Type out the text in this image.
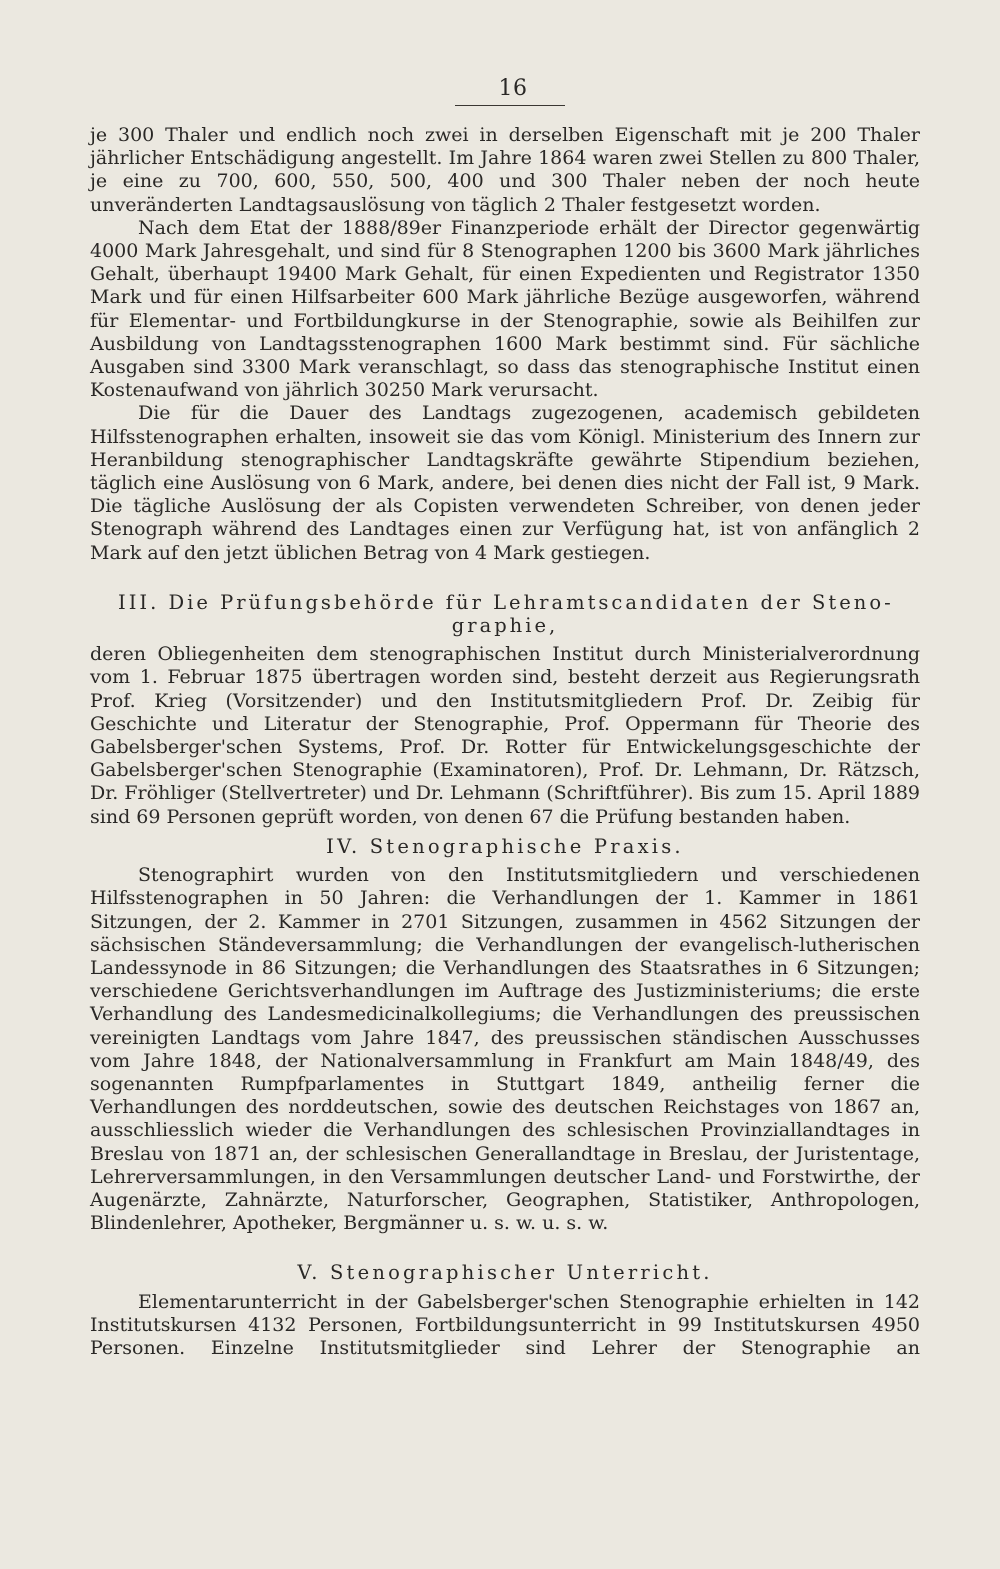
16

je 300 Thaler und endlich noch zwei in derselben Eigenschaft mit je 200 Thaler jährlicher Entschädigung angestellt. Im Jahre 1864 waren zwei Stellen zu 800 Thaler, je eine zu 700, 600, 550, 500, 400 und 300 Thaler neben der noch heute unveränderten Landtagsauslösung von täglich 2 Thaler festgesetzt worden.

Nach dem Etat der 1888/89er Finanzperiode erhält der Director gegenwärtig 4000 Mark Jahresgehalt, und sind für 8 Stenographen 1200 bis 3600 Mark jährliches Gehalt, überhaupt 19400 Mark Gehalt, für einen Expedienten und Registrator 1350 Mark und für einen Hilfsarbeiter 600 Mark jährliche Bezüge ausgeworfen, während für Elementar- und Fortbildungkurse in der Stenographie, sowie als Beihilfen zur Ausbildung von Landtagsstenographen 1600 Mark bestimmt sind. Für sächliche Ausgaben sind 3300 Mark veranschlagt, so dass das stenographische Institut einen Kostenaufwand von jährlich 30250 Mark verursacht.

Die für die Dauer des Landtags zugezogenen, academisch gebildeten Hilfsstenographen erhalten, insoweit sie das vom Königl. Ministerium des Innern zur Heranbildung stenographischer Landtagskräfte gewährte Stipendium beziehen, täglich eine Auslösung von 6 Mark, andere, bei denen dies nicht der Fall ist, 9 Mark. Die tägliche Auslösung der als Copisten verwendeten Schreiber, von denen jeder Stenograph während des Landtages einen zur Verfügung hat, ist von anfänglich 2 Mark auf den jetzt üblichen Betrag von 4 Mark gestiegen.

III. Die Prüfungsbehörde für Lehramtscandidaten der Steno-
graphie,

deren Obliegenheiten dem stenographischen Institut durch Ministerialverordnung vom 1. Februar 1875 übertragen worden sind, besteht derzeit aus Regierungsrath Prof. Krieg (Vorsitzender) und den Institutsmitgliedern Prof. Dr. Zeibig für Geschichte und Literatur der Stenographie, Prof. Oppermann für Theorie des Gabelsberger'schen Systems, Prof. Dr. Rotter für Entwickelungsgeschichte der Gabelsberger'schen Stenographie (Examinatoren), Prof. Dr. Lehmann, Dr. Rätzsch, Dr. Fröhliger (Stellvertreter) und Dr. Lehmann (Schriftführer). Bis zum 15. April 1889 sind 69 Personen geprüft worden, von denen 67 die Prüfung bestanden haben.

IV. Stenographische Praxis.

Stenographirt wurden von den Institutsmitgliedern und verschiedenen Hilfsstenographen in 50 Jahren: die Verhandlungen der 1. Kammer in 1861 Sitzungen, der 2. Kammer in 2701 Sitzungen, zusammen in 4562 Sitzungen der sächsischen Ständeversammlung; die Verhandlungen der evangelisch-lutherischen Landessynode in 86 Sitzungen; die Verhandlungen des Staatsrathes in 6 Sitzungen; verschiedene Gerichtsverhandlungen im Auftrage des Justizministeriums; die erste Verhandlung des Landesmedicinalkollegiums; die Verhandlungen des preussischen vereinigten Landtags vom Jahre 1847, des preussischen ständischen Ausschusses vom Jahre 1848, der Nationalversammlung in Frankfurt am Main 1848/49, des sogenannten Rumpfparlamentes in Stuttgart 1849, antheilig ferner die Verhandlungen des norddeutschen, sowie des deutschen Reichstages von 1867 an, ausschliesslich wieder die Verhandlungen des schlesischen Provinziallandtages in Breslau von 1871 an, der schlesischen Generallandtage in Breslau, der Juristentage, Lehrerversammlungen, in den Versammlungen deutscher Land- und Forstwirthe, der Augenärzte, Zahnärzte, Naturforscher, Geographen, Statistiker, Anthropologen, Blindenlehrer, Apotheker, Bergmänner u. s. w. u. s. w.

V. Stenographischer Unterricht.

Elementarunterricht in der Gabelsberger'schen Stenographie erhielten in 142 Institutskursen 4132 Personen, Fortbildungsunterricht in 99 Institutskursen 4950 Personen. Einzelne Institutsmitglieder sind Lehrer der Stenographie an
